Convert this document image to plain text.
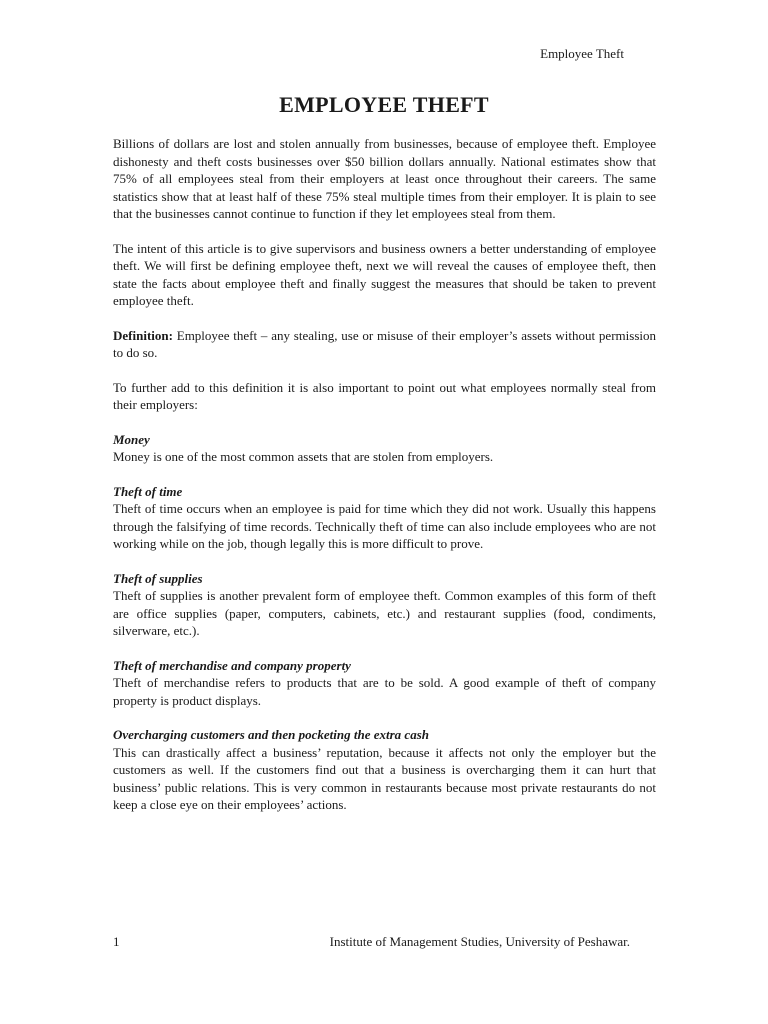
Employee Theft
EMPLOYEE THEFT

Billions of dollars are lost and stolen annually from businesses, because of employee theft. Employee dishonesty and theft costs businesses over $50 billion dollars annually. National estimates show that 75% of all employees steal from their employers at least once throughout their careers. The same statistics show that at least half of these 75% steal multiple times from their employer. It is plain to see that the businesses cannot continue to function if they let employees steal from them.

The intent of this article is to give supervisors and business owners a better understanding of employee theft. We will first be defining employee theft, next we will reveal the causes of employee theft, then state the facts about employee theft and finally suggest the measures that should be taken to prevent employee theft.

Definition: Employee theft – any stealing, use or misuse of their employer’s assets without permission to do so.

To further add to this definition it is also important to point out what employees normally steal from their employers:

Money

Money is one of the most common assets that are stolen from employers.

Theft of time

Theft of time occurs when an employee is paid for time which they did not work. Usually this happens through the falsifying of time records. Technically theft of time can also include employees who are not working while on the job, though legally this is more difficult to prove.

Theft of supplies

Theft of supplies is another prevalent form of employee theft. Common examples of this form of theft are office supplies (paper, computers, cabinets, etc.) and restaurant supplies (food, condiments, silverware, etc.).

Theft of merchandise and company property

Theft of merchandise refers to products that are to be sold. A good example of theft of company property is product displays.

Overcharging customers and then pocketing the extra cash

This can drastically affect a business’ reputation, because it affects not only the employer but the customers as well. If the customers find out that a business is overcharging them it can hurt that business’ public relations. This is very common in restaurants because most private restaurants do not keep a close eye on their employees’ actions.

1	Institute of Management Studies, University of Peshawar.
